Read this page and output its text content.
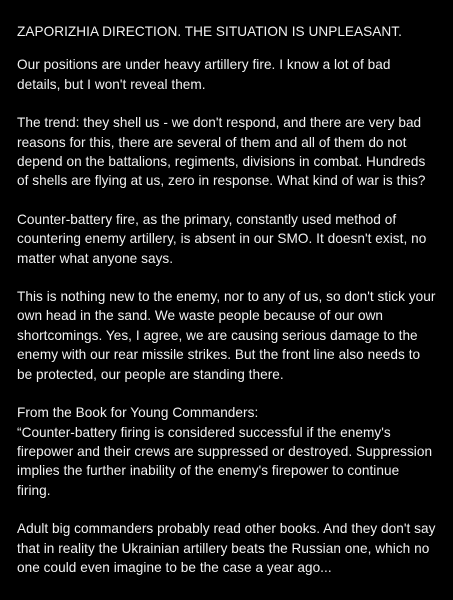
ZAPORIZHIA DIRECTION. THE SITUATION IS UNPLEASANT.
Our positions are under heavy artillery fire. I know a lot of bad details, but I won't reveal them.
The trend: they shell us - we don't respond, and there are very bad reasons for this, there are several of them and all of them do not depend on the battalions, regiments, divisions in combat. Hundreds of shells are flying at us, zero in response. What kind of war is this?
Counter-battery fire, as the primary, constantly used method of countering enemy artillery, is absent in our SMO. It doesn't exist, no matter what anyone says.
This is nothing new to the enemy, nor to any of us, so don't stick your own head in the sand. We waste people because of our own shortcomings. Yes, I agree, we are causing serious damage to the enemy with our rear missile strikes. But the front line also needs to be protected, our people are standing there.
From the Book for Young Commanders:
“Counter-battery firing is considered successful if the enemy's firepower and their crews are suppressed or destroyed. Suppression implies the further inability of the enemy's firepower to continue firing.
Adult big commanders probably read other books. And they don't say that in reality the Ukrainian artillery beats the Russian one, which no one could even imagine to be the case a year ago...
